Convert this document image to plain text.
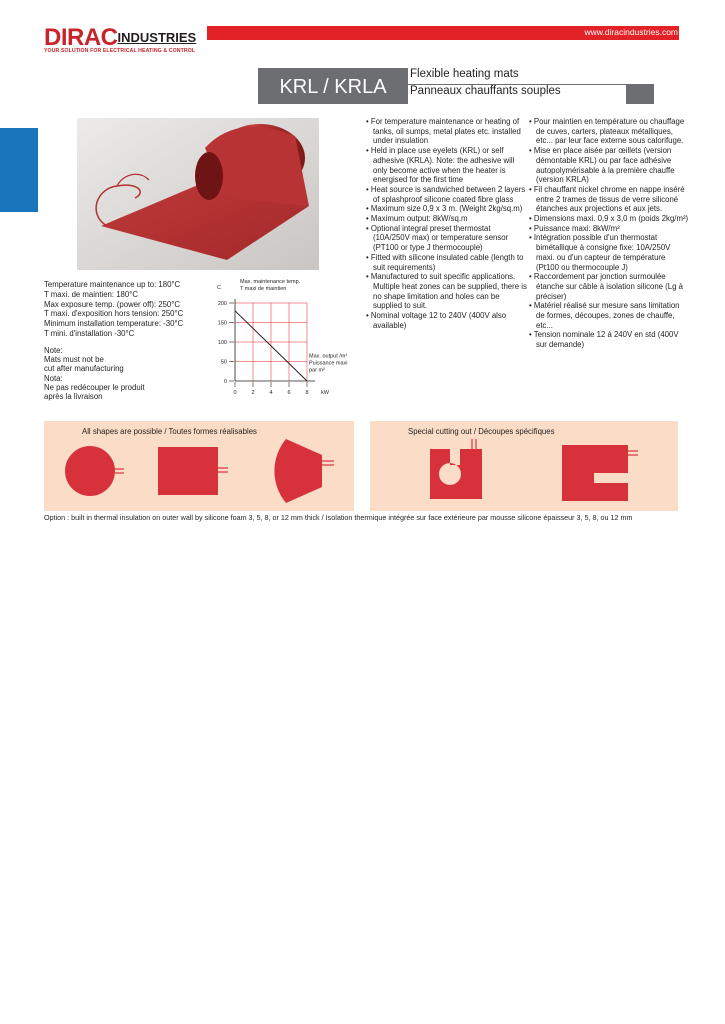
$DIRAC^{INDUSTRIES}$
YOUR SOLUTION FOR ELECTRICAL HEATING & CONTROL
www.diracindustries.com
KRL / KRLA
Flexible heating mats
Panneaux chauffants souples
Temperature maintenance up to: 180°C
T maxi. de maintien: 180°C
Max exposure temp. (power off): 250°C
T maxi. d'exposition hors tension: 250°C
Minimum installation temperature: -30°C
T mini. d'installation -30°C
Note:
Mats must not be
cut after manufacturing
Nota:
Ne pas redécouper le produit
après la livraison
0
50
100
150
200
0	2	4	6	8
C
kW
Max. maintenance temp.
T maxi de maintien
Max. output /m²
Puissance maxi
par m²
• For temperature maintenance or heating of tanks, oil sumps, metal plates etc. installed under insulation
• Held in place use eyelets (KRL) or self adhesive (KRLA). Note: the adhesive will only become active when the heater is energised for the first time
• Heat source is sandwiched between 2 layers of splashproof silicone coated fibre glass
• Maximum size 0,9 x 3 m. (Weight 2kg/sq.m)
• Maximum output: 8kW/sq.m
• Optional integral preset thermostat (10A/250V max) or temperature sensor (PT100 or type J thermocouple)
• Fitted with silicone insulated cable (length to suit requirements)
• Manufactured to suit specific applications. Multiple heat zones can be supplied, there is no shape limitation and holes can be supplied to suit.
• Nominal voltage 12 to 240V (400V also available)
• Pour maintien en température ou chauffage de cuves, carters, plateaux métalliques, etc... par leur face externe sous calorifuge.
• Mise en place aisée par œillets (version démontable KRL) ou par face adhésive autopolymérisable à la première chauffe (version KRLA)
• Fil chauffant nickel chrome en nappe inséré entre 2 trames de tissus de verre siliconé étanches aux projections et aux jets.
• Dimensions maxi. 0,9 x 3,0 m (poids 2kg/m²)
• Puissance maxi: 8kW/m²
• Intégration possible d'un thermostat bimétallique à consigne fixe: 10A/250V maxi. ou d'un capteur de température (Pt100 ou thermocouple J)
• Raccordement par jonction surmoulée étanche sur câble à isolation silicone (Lg à préciser)
• Matériel réalisé sur mesure sans limitation de formes, découpes, zones de chauffe, etc...
• Tension nominale 12 à 240V en std (400V sur demande)
All shapes are possible / Toutes formes réalisables	Special cutting out / Découpes spécifiques
Option : built in thermal insulation on outer wall by silicone foam 3, 5, 8, or 12 mm thick / Isolation thermique intégrée sur face extérieure par mousse silicone épaisseur 3, 5, 8, ou 12 mm
